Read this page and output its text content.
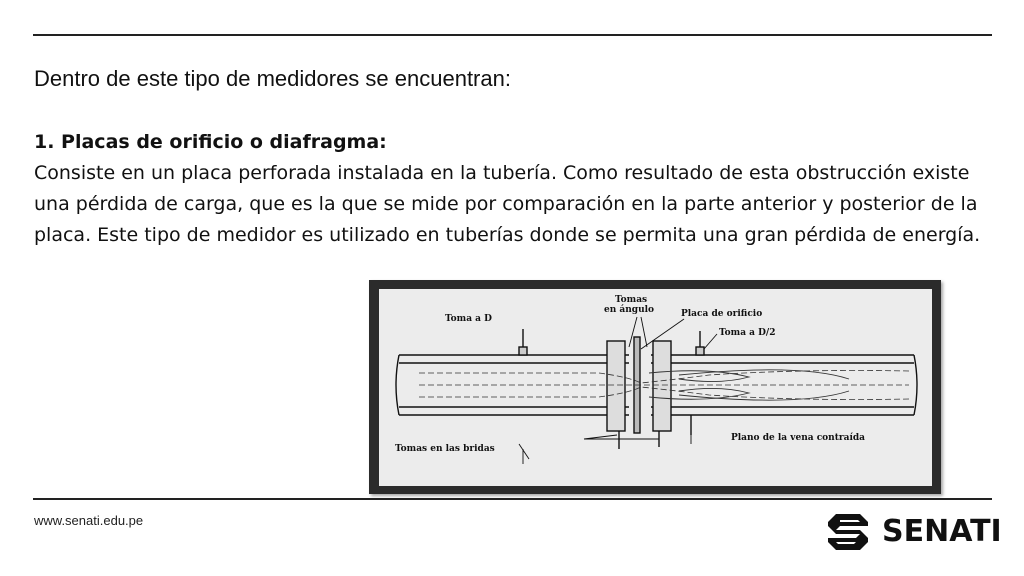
Dentro de este tipo de medidores se encuentran:
1. Placas de orificio o diafragma:
Consiste en un placa perforada instalada en la tubería. Como resultado de esta obstrucción existe una pérdida de carga, que es la que se mide por comparación en la parte anterior y posterior de la placa. Este tipo de medidor es utilizado en tuberías donde se permita una gran pérdida de energía.
Toma a D
Tomas
en ángulo	Placa de orificio
Toma a D/2
Tomas en las bridas
Plano de la vena contraída
www.senati.edu.pe	SENATI
